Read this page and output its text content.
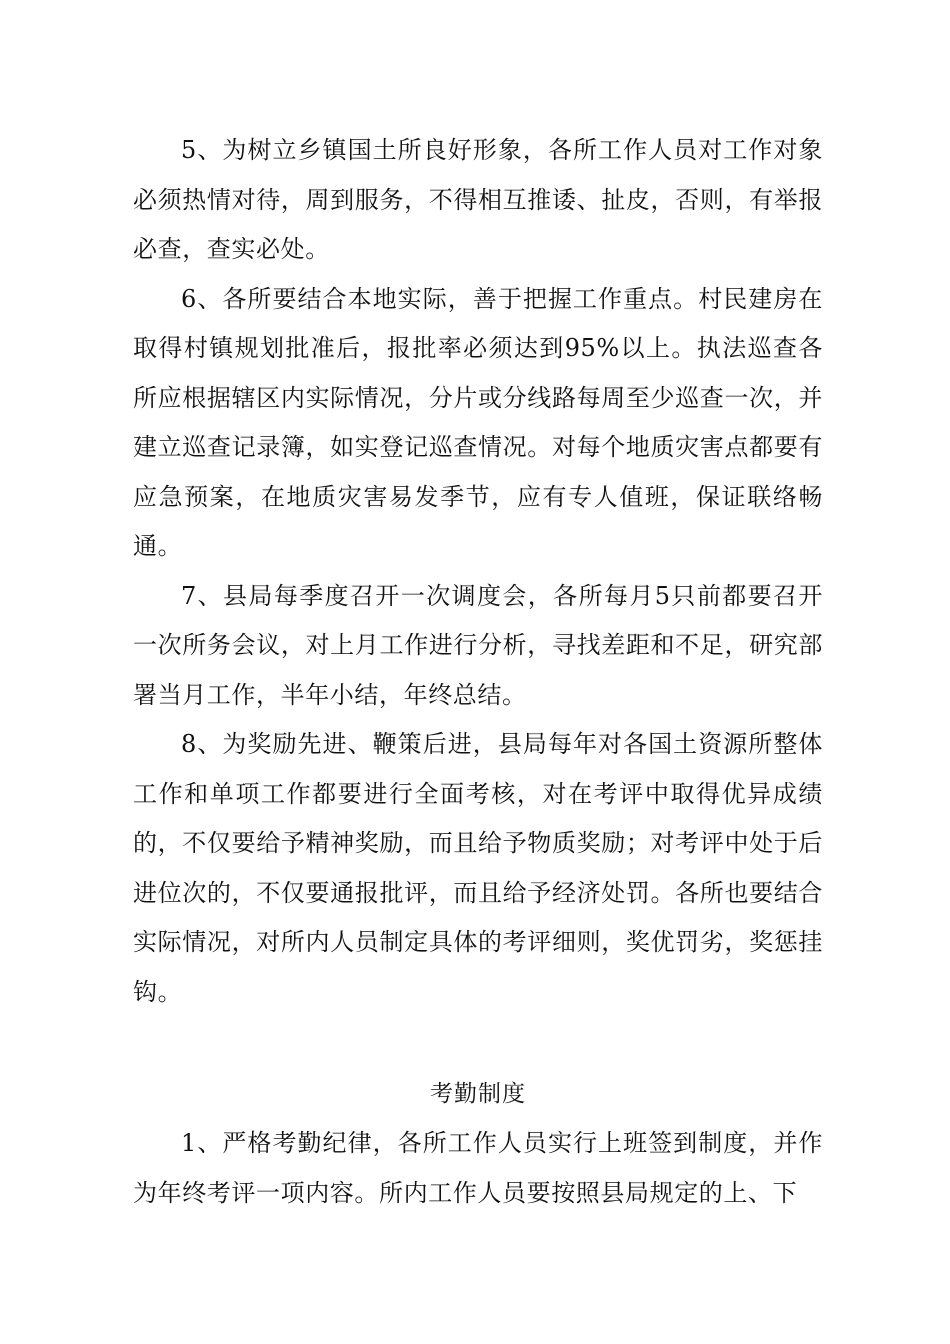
5、为树立乡镇国土所良好形象，各所工作人员对工作对象必须热情对待，周到服务，不得相互推诿、扯皮，否则，有举报必查，查实必处。

6、各所要结合本地实际，善于把握工作重点。村民建房在取得村镇规划批准后，报批率必须达到95%以上。执法巡查各所应根据辖区内实际情况，分片或分线路每周至少巡查一次，并建立巡查记录簿，如实登记巡查情况。对每个地质灾害点都要有应急预案，在地质灾害易发季节，应有专人值班，保证联络畅通。

7、县局每季度召开一次调度会，各所每月5只前都要召开一次所务会议，对上月工作进行分析，寻找差距和不足，研究部署当月工作，半年小结，年终总结。

8、为奖励先进、鞭策后进，县局每年对各国土资源所整体工作和单项工作都要进行全面考核，对在考评中取得优异成绩的，不仅要给予精神奖励，而且给予物质奖励；对考评中处于后进位次的，不仅要通报批评，而且给予经济处罚。各所也要结合实际情况，对所内人员制定具体的考评细则，奖优罚劣，奖惩挂钩。

考勤制度

1、严格考勤纪律，各所工作人员实行上班签到制度，并作为年终考评一项内容。所内工作人员要按照县局规定的上、下
